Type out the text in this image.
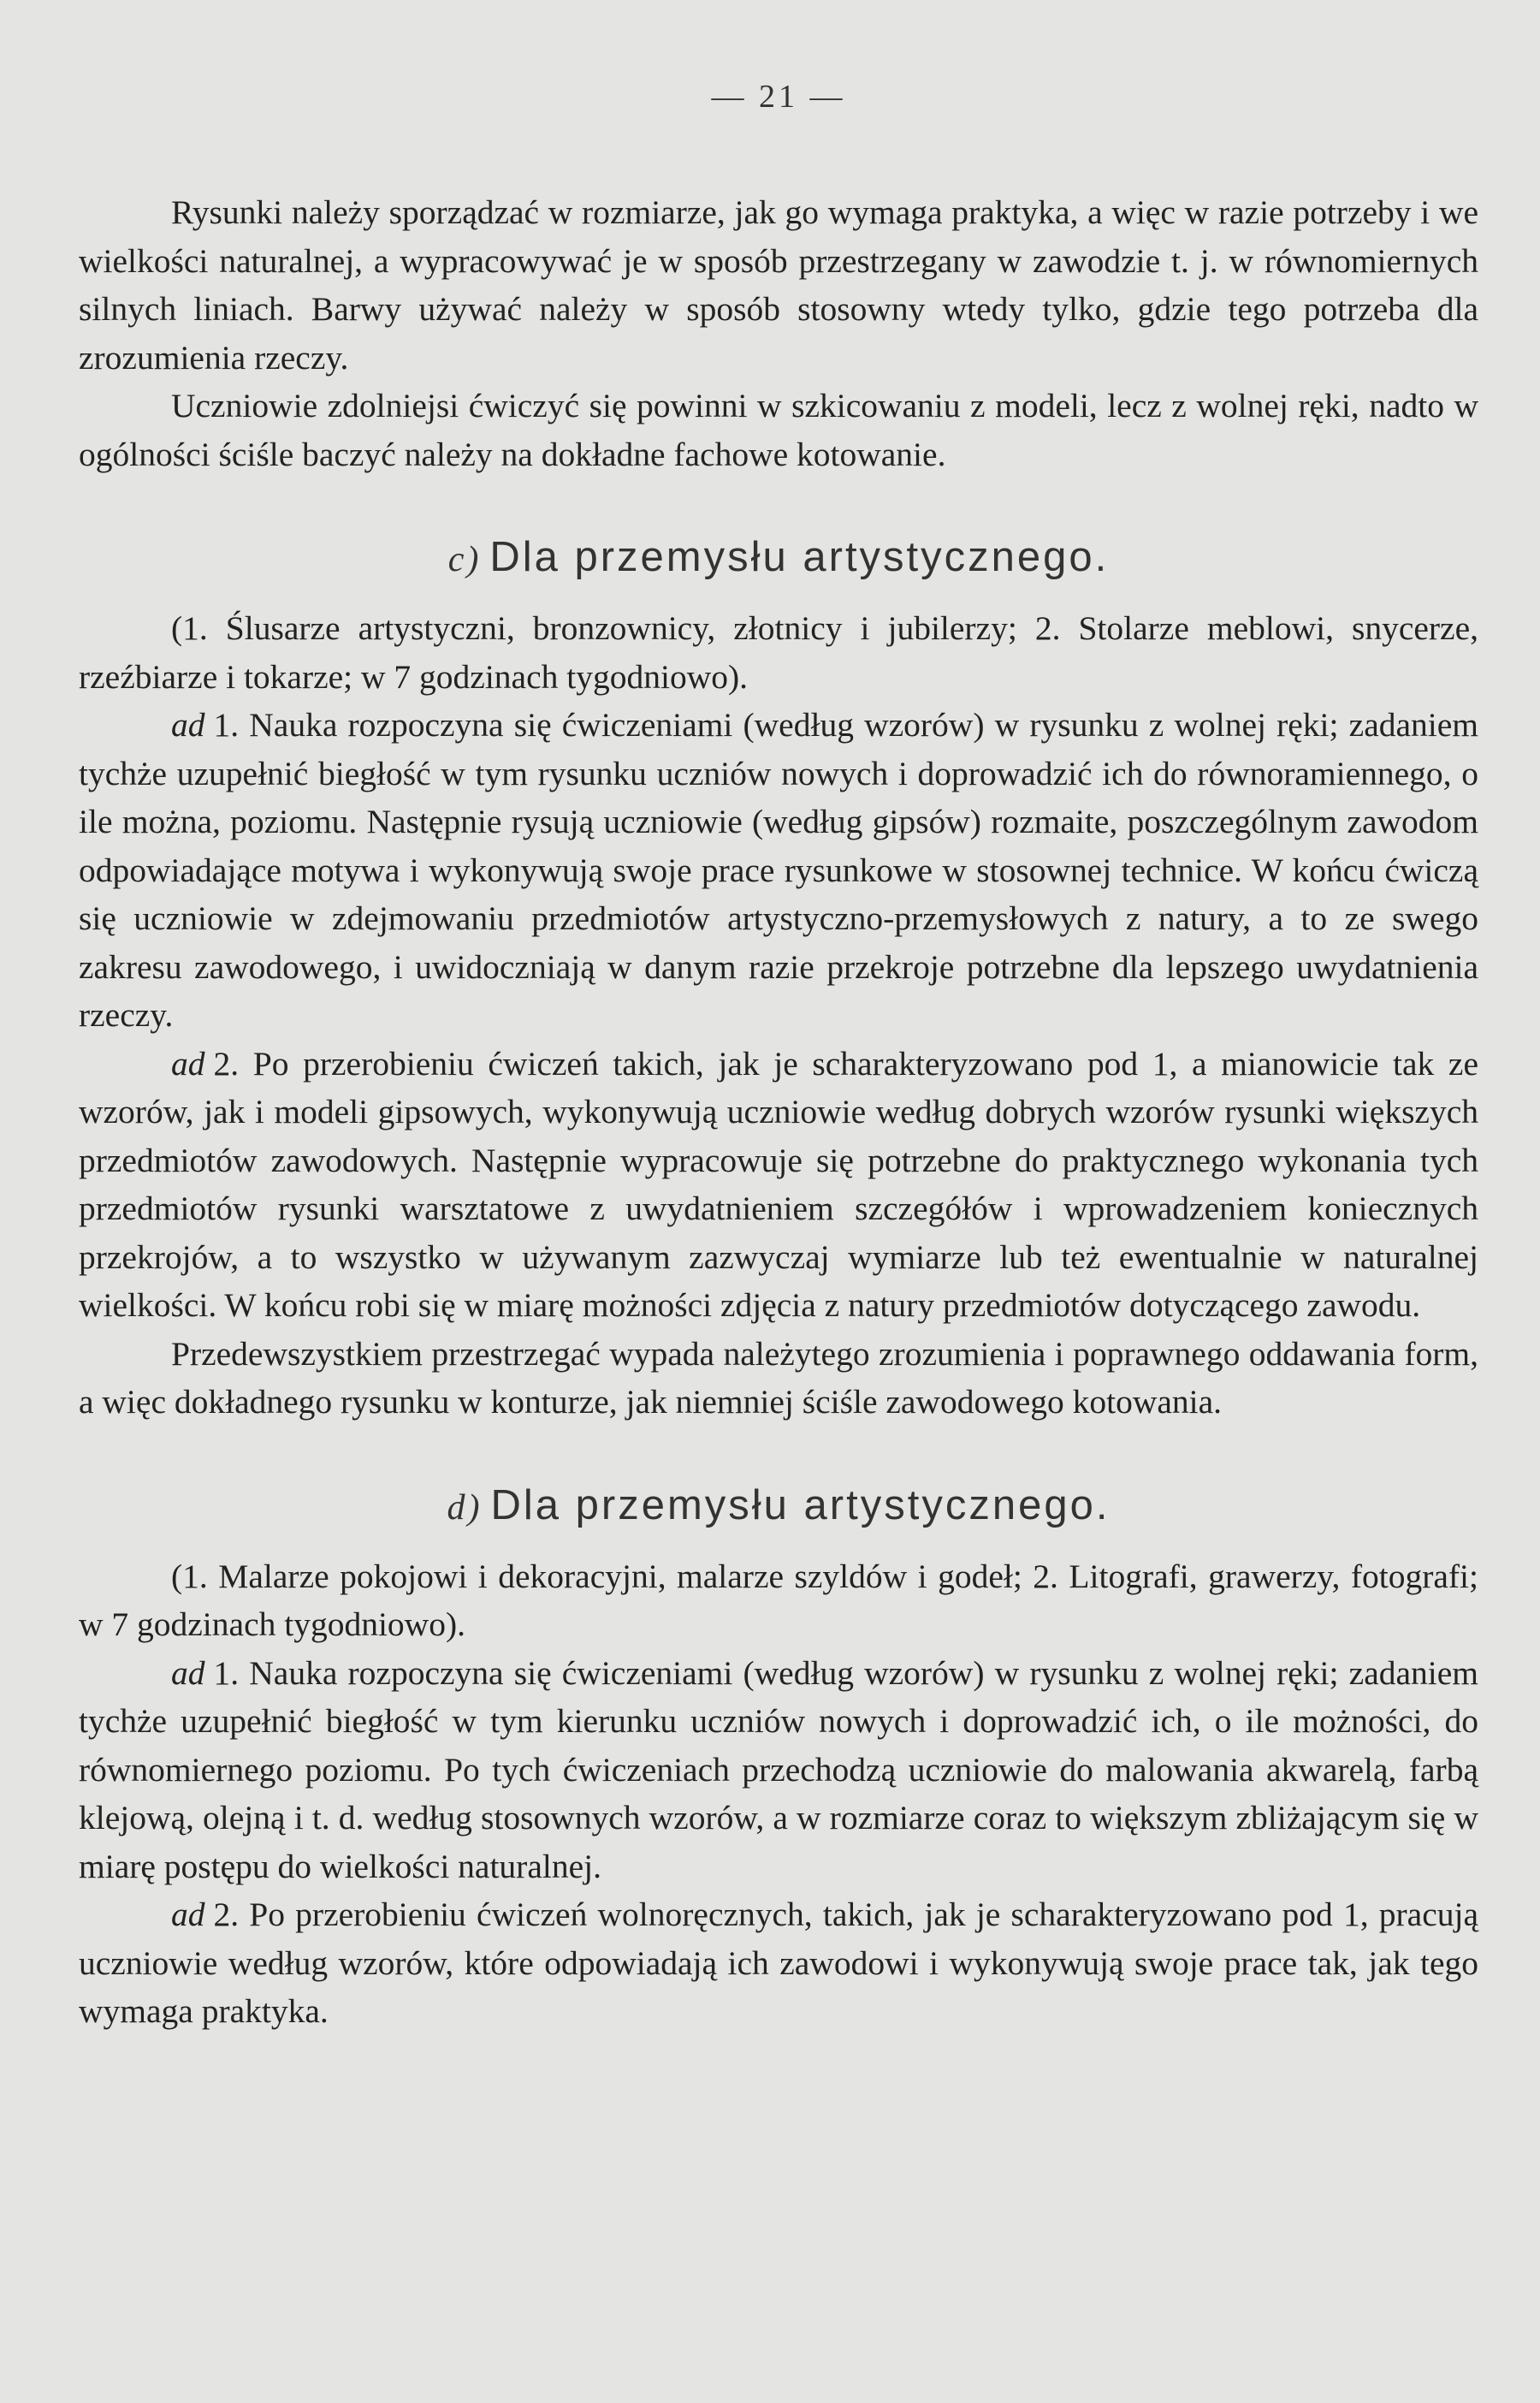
— 21 —

Rysunki należy sporządzać w rozmiarze, jak go wymaga praktyka, a więc w razie potrzeby i we wielkości naturalnej, a wypracowywać je w sposób przestrzegany w zawodzie t. j. w równomiernych silnych liniach. Barwy używać należy w sposób stosowny wtedy tylko, gdzie tego potrzeba dla zrozumienia rzeczy.

Uczniowie zdolniejsi ćwiczyć się powinni w szkicowaniu z modeli, lecz z wolnej ręki, nadto w ogólności ściśle baczyć należy na dokładne fachowe kotowanie.

c) Dla przemysłu artystycznego.

(1. Ślusarze artystyczni, bronzownicy, złotnicy i jubilerzy; 2. Stolarze meblowi, snycerze, rzeźbiarze i tokarze; w 7 godzinach tygodniowo).

ad 1. Nauka rozpoczyna się ćwiczeniami (według wzorów) w rysunku z wolnej ręki; zadaniem tychże uzupełnić biegłość w tym rysunku uczniów nowych i doprowadzić ich do równoramiennego, o ile można, poziomu. Następnie rysują uczniowie (według gipsów) rozmaite, poszczególnym zawodom odpowiadające motywa i wykonywują swoje prace rysunkowe w stosownej technice. W końcu ćwiczą się uczniowie w zdejmowaniu przedmiotów artystyczno-przemysłowych z natury, a to ze swego zakresu zawodowego, i uwidoczniają w danym razie przekroje potrzebne dla lepszego uwydatnienia rzeczy.

ad 2. Po przerobieniu ćwiczeń takich, jak je scharakteryzowano pod 1, a mianowicie tak ze wzorów, jak i modeli gipsowych, wykonywują uczniowie według dobrych wzorów rysunki większych przedmiotów zawodowych. Następnie wypracowuje się potrzebne do praktycznego wykonania tych przedmiotów rysunki warsztatowe z uwydatnieniem szczegółów i wprowadzeniem koniecznych przekrojów, a to wszystko w używanym zazwyczaj wymiarze lub też ewentualnie w naturalnej wielkości. W końcu robi się w miarę możności zdjęcia z natury przedmiotów dotyczącego zawodu.

Przedewszystkiem przestrzegać wypada należytego zrozumienia i poprawnego oddawania form, a więc dokładnego rysunku w konturze, jak niemniej ściśle zawodowego kotowania.

d) Dla przemysłu artystycznego.

(1. Malarze pokojowi i dekoracyjni, malarze szyldów i godeł; 2. Litografi, grawerzy, fotografi; w 7 godzinach tygodniowo).

ad 1. Nauka rozpoczyna się ćwiczeniami (według wzorów) w rysunku z wolnej ręki; zadaniem tychże uzupełnić biegłość w tym kierunku uczniów nowych i doprowadzić ich, o ile możności, do równomiernego poziomu. Po tych ćwiczeniach przechodzą uczniowie do malowania akwarelą, farbą klejową, olejną i t. d. według stosownych wzorów, a w rozmiarze coraz to większym zbliżającym się w miarę postępu do wielkości naturalnej.

ad 2. Po przerobieniu ćwiczeń wolnoręcznych, takich, jak je scharakteryzowano pod 1, pracują uczniowie według wzorów, które odpowiadają ich zawodowi i wykonywują swoje prace tak, jak tego wymaga praktyka.
